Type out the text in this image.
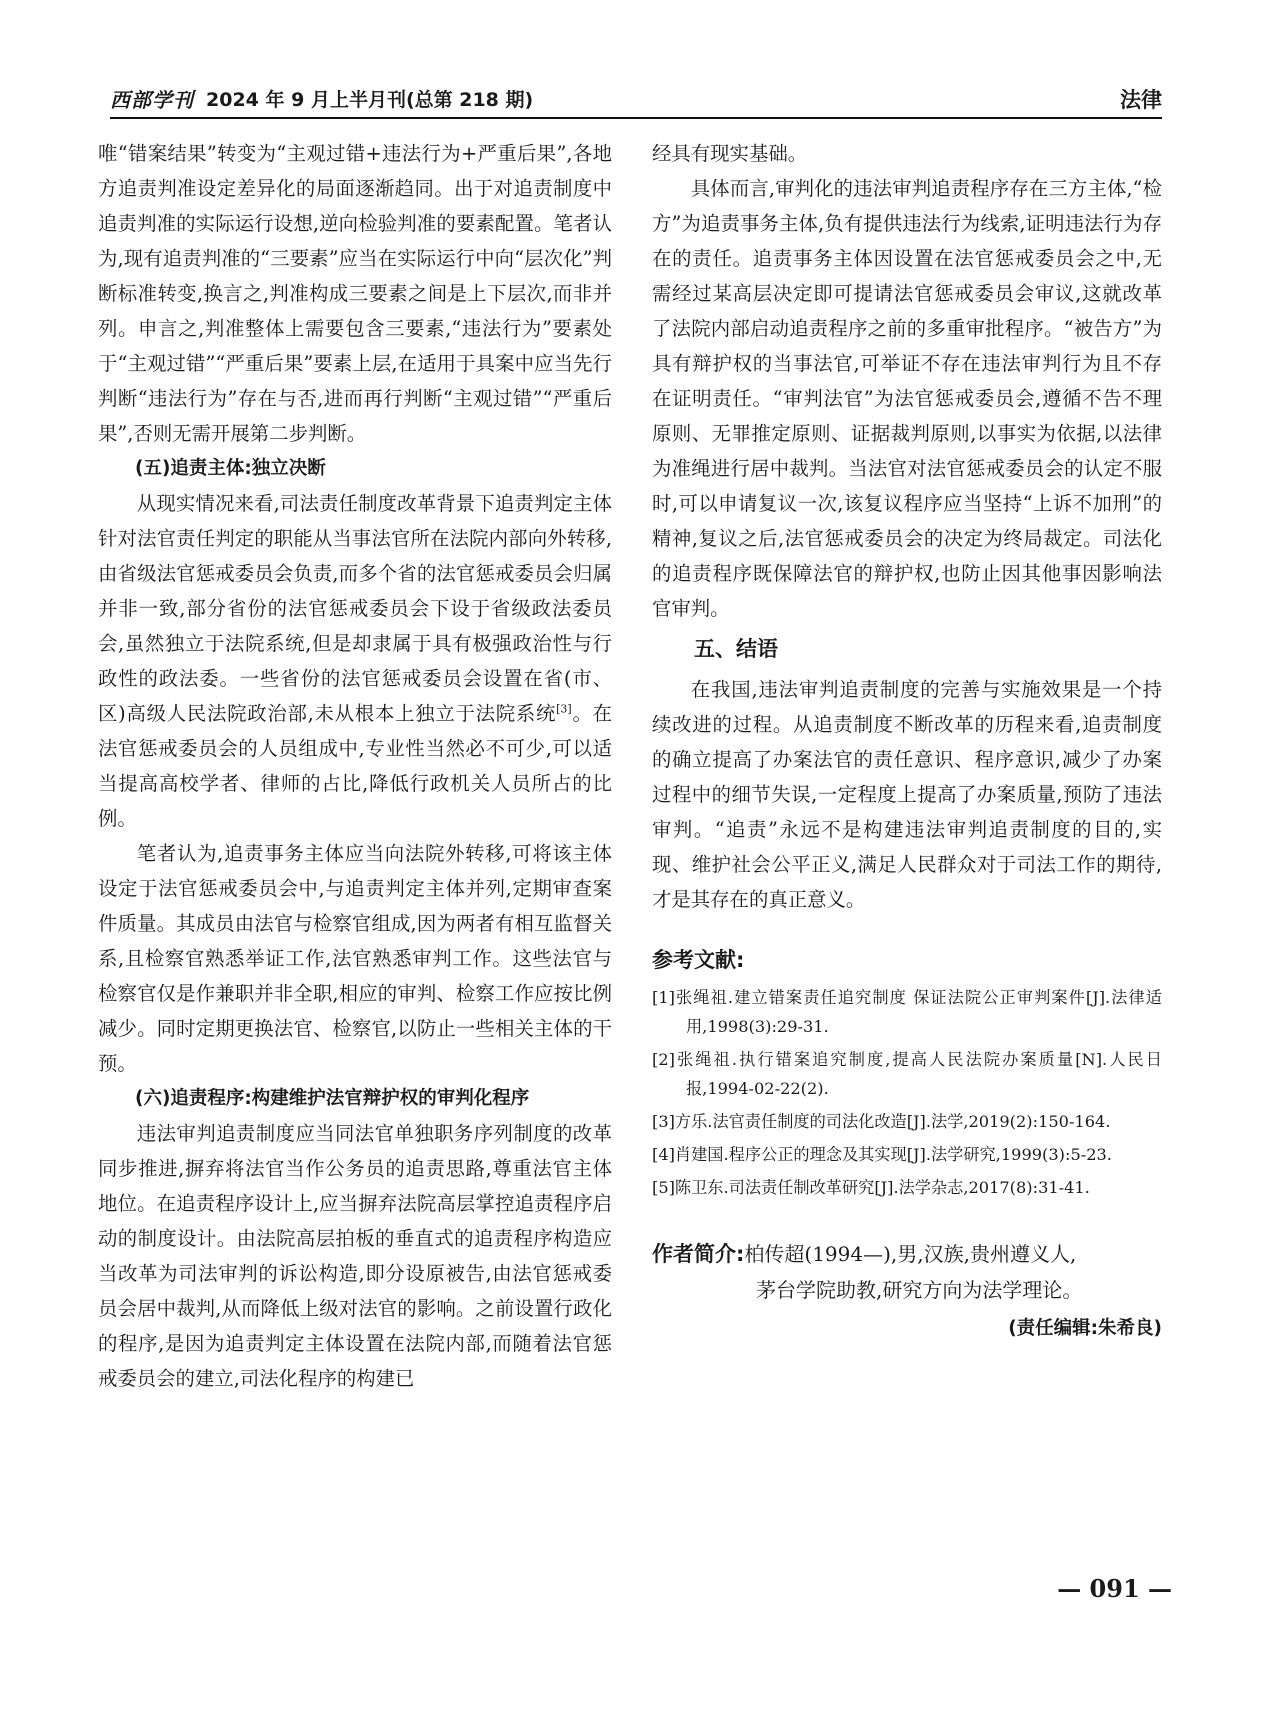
西部学刊 2024 年 9 月上半月刊(总第 218 期)	法律

唯“错案结果”转变为“主观过错+违法行为+严重后果”,各地方追责判准设定差异化的局面逐渐趋同。出于对追责制度中追责判准的实际运行设想,逆向检验判准的要素配置。笔者认为,现有追责判准的“三要素”应当在实际运行中向“层次化”判断标准转变,换言之,判准构成三要素之间是上下层次,而非并列。申言之,判准整体上需要包含三要素,“违法行为”要素处于“主观过错”“严重后果”要素上层,在适用于具案中应当先行判断“违法行为”存在与否,进而再行判断“主观过错”“严重后果”,否则无需开展第二步判断。

(五)追责主体:独立决断

从现实情况来看,司法责任制度改革背景下追责判定主体针对法官责任判定的职能从当事法官所在法院内部向外转移,由省级法官惩戒委员会负责,而多个省的法官惩戒委员会归属并非一致,部分省份的法官惩戒委员会下设于省级政法委员会,虽然独立于法院系统,但是却隶属于具有极强政治性与行政性的政法委。一些省份的法官惩戒委员会设置在省(市、区)高级人民法院政治部,未从根本上独立于法院系统[3]。在法官惩戒委员会的人员组成中,专业性当然必不可少,可以适当提高高校学者、律师的占比,降低行政机关人员所占的比例。

笔者认为,追责事务主体应当向法院外转移,可将该主体设定于法官惩戒委员会中,与追责判定主体并列,定期审查案件质量。其成员由法官与检察官组成,因为两者有相互监督关系,且检察官熟悉举证工作,法官熟悉审判工作。这些法官与检察官仅是作兼职并非全职,相应的审判、检察工作应按比例减少。同时定期更换法官、检察官,以防止一些相关主体的干预。

(六)追责程序:构建维护法官辩护权的审判化程序

违法审判追责制度应当同法官单独职务序列制度的改革同步推进,摒弃将法官当作公务员的追责思路,尊重法官主体地位。在追责程序设计上,应当摒弃法院高层掌控追责程序启动的制度设计。由法院高层拍板的垂直式的追责程序构造应当改革为司法审判的诉讼构造,即分设原被告,由法官惩戒委员会居中裁判,从而降低上级对法官的影响。之前设置行政化的程序,是因为追责判定主体设置在法院内部,而随着法官惩戒委员会的建立,司法化程序的构建已

经具有现实基础。

具体而言,审判化的违法审判追责程序存在三方主体,“检方”为追责事务主体,负有提供违法行为线索,证明违法行为存在的责任。追责事务主体因设置在法官惩戒委员会之中,无需经过某高层决定即可提请法官惩戒委员会审议,这就改革了法院内部启动追责程序之前的多重审批程序。“被告方”为具有辩护权的当事法官,可举证不存在违法审判行为且不存在证明责任。“审判法官”为法官惩戒委员会,遵循不告不理原则、无罪推定原则、证据裁判原则,以事实为依据,以法律为准绳进行居中裁判。当法官对法官惩戒委员会的认定不服时,可以申请复议一次,该复议程序应当坚持“上诉不加刑”的精神,复议之后,法官惩戒委员会的决定为终局裁定。司法化的追责程序既保障法官的辩护权,也防止因其他事因影响法官审判。

五、结语

在我国,违法审判追责制度的完善与实施效果是一个持续改进的过程。从追责制度不断改革的历程来看,追责制度的确立提高了办案法官的责任意识、程序意识,减少了办案过程中的细节失误,一定程度上提高了办案质量,预防了违法审判。“追责”永远不是构建违法审判追责制度的目的,实现、维护社会公平正义,满足人民群众对于司法工作的期待,才是其存在的真正意义。

参考文献:
[1]张绳祖.建立错案责任追究制度 保证法院公正审判案件[J].法律适用,1998(3):29-31.
[2]张绳祖.执行错案追究制度,提高人民法院办案质量[N].人民日报,1994-02-22(2).
[3]方乐.法官责任制度的司法化改造[J].法学,2019(2):150-164.
[4]肖建国.程序公正的理念及其实现[J].法学研究,1999(3):5-23.
[5]陈卫东.司法责任制改革研究[J].法学杂志,2017(8):31-41.
作者简介:柏传超(1994—),男,汉族,贵州遵义人,
茅台学院助教,研究方向为法学理论。
(责任编辑:朱希良)
— 091 —
